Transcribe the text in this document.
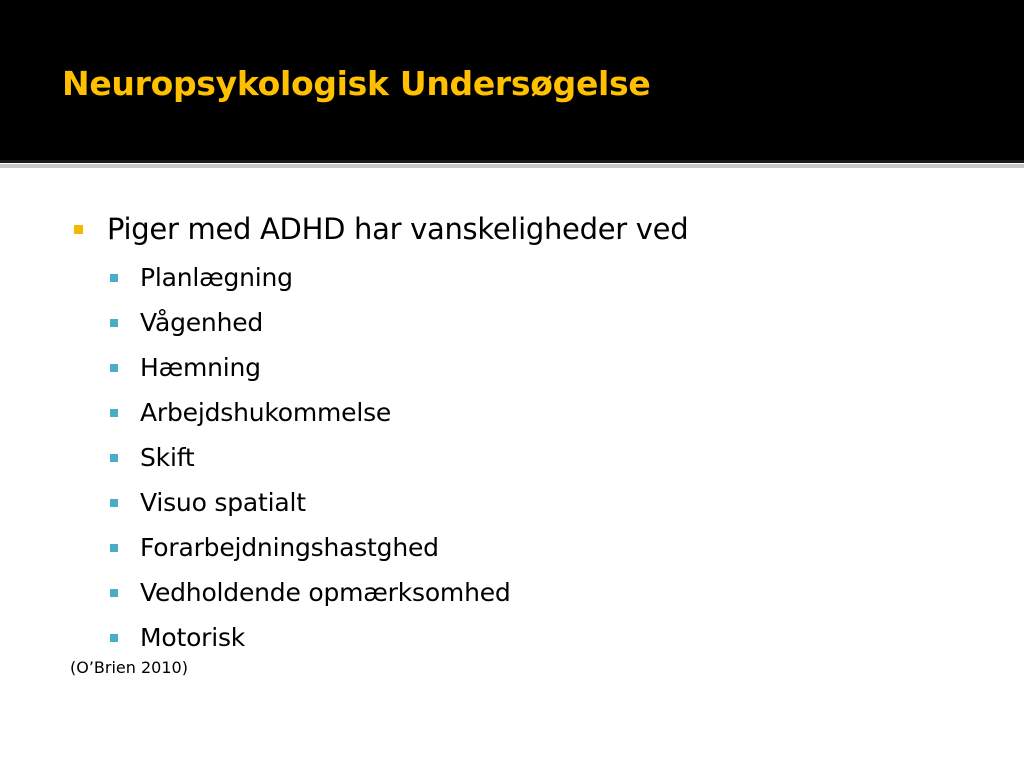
Neuropsykologisk Undersøgelse
Piger med ADHD har vanskeligheder ved
Planlægning
Vågenhed
Hæmning
Arbejdshukommelse
Skift
Visuo spatialt
Forarbejdningshastghed
Vedholdende opmærksomhed
Motorisk
(O’Brien 2010)
